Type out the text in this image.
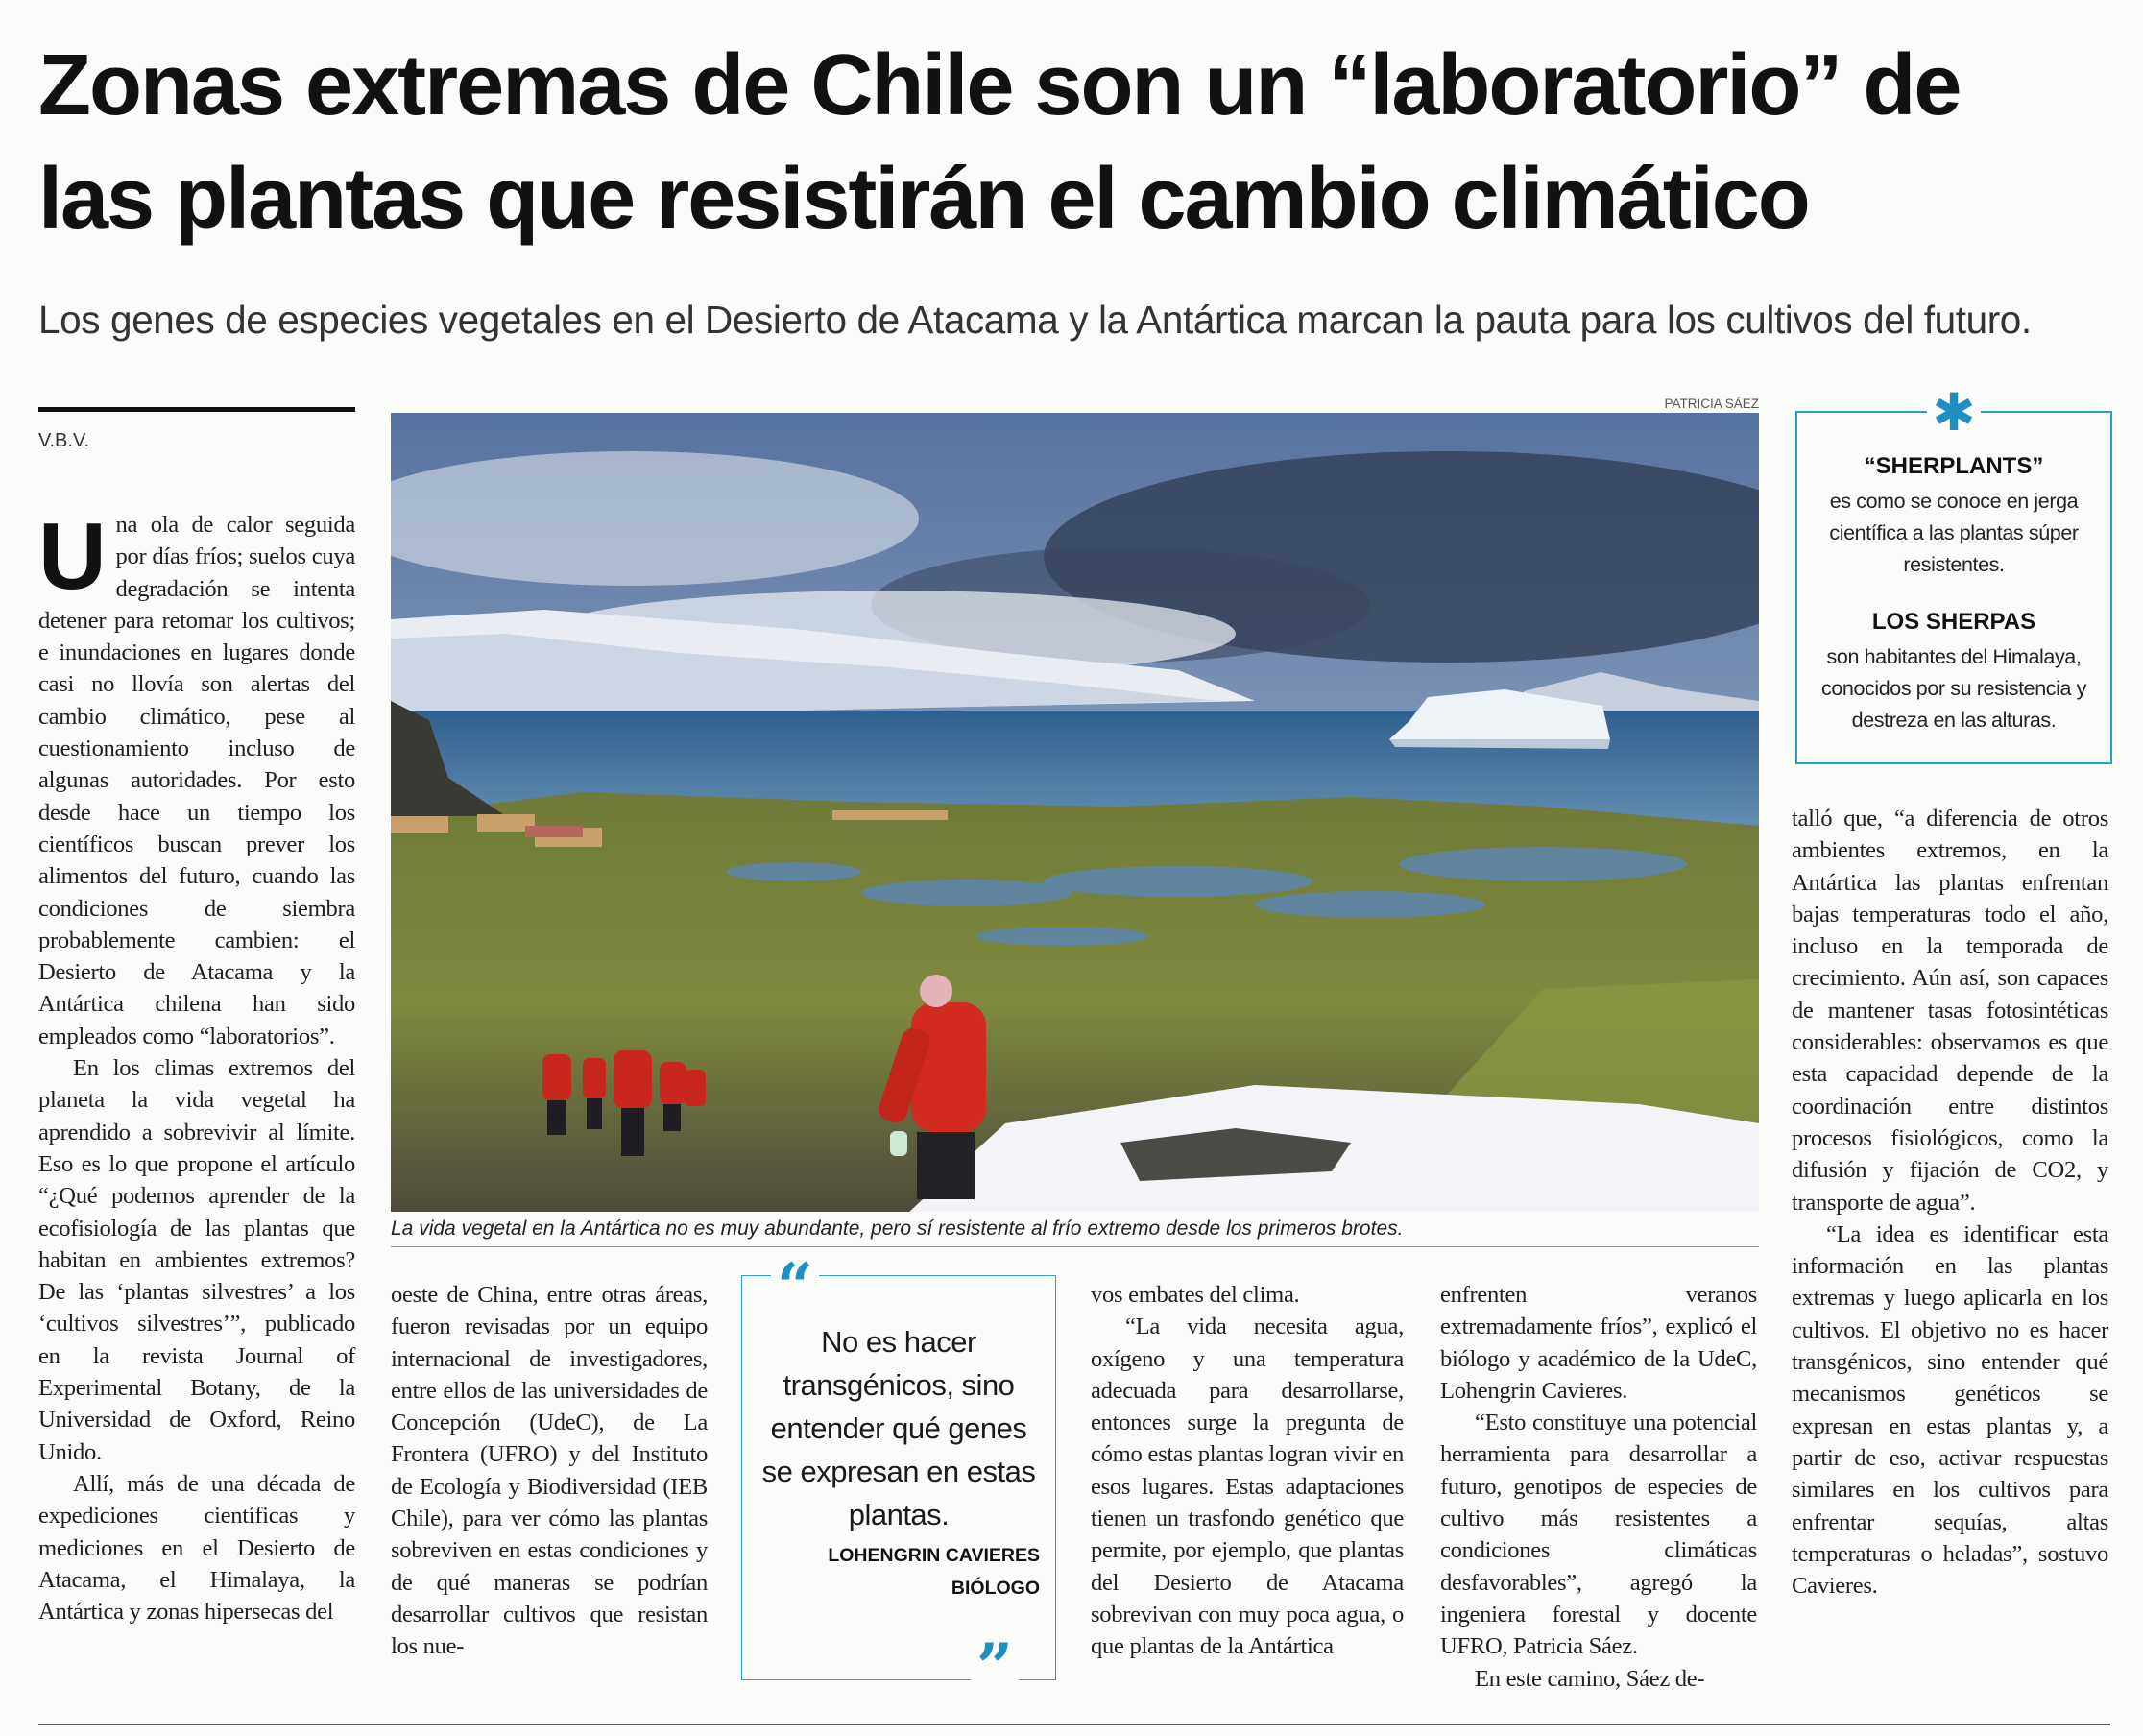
Zonas extremas de Chile son un “laboratorio” de
las plantas que resistirán el cambio climático

Los genes de especies vegetales en el Desierto de Atacama y la Antártica marcan la pauta para los cultivos del futuro.

V.B.V.
U na ola de calor seguida por días fríos; suelos cuya degradación se intenta detener para retomar los cultivos; e inundaciones en lugares donde casi no llovía son alertas del cambio climático, pese al cuestionamiento incluso de algunas autoridades. Por esto desde hace un tiempo los científicos buscan prever los alimentos del futuro, cuando las condiciones de siembra probablemente cambien: el Desierto de Atacama y la Antártica chilena han sido empleados como “laboratorios”.

En los climas extremos del planeta la vida vegetal ha aprendido a sobrevivir al límite. Eso es lo que propone el artículo “¿Qué podemos aprender de la ecofisiología de las plantas que habitan en ambientes extremos? De las ‘plantas silvestres’ a los ‘cultivos silvestres’”, publicado en la revista Journal of Experimental Botany, de la Universidad de Oxford, Reino Unido.

Allí, más de una década de expediciones científicas y mediciones en el Desierto de Atacama, el Himalaya, la Antártica y zonas hipersecas del

PATRICIA SÁEZ
La vida vegetal en la Antártica no es muy abundante, pero sí resistente al frío extremo desde los primeros brotes.
✱
“SHERPLANTS”
es como se conoce en jerga científica a las plantas súper resistentes.
LOS SHERPAS
son habitantes del Himalaya, conocidos por su resistencia y destreza en las alturas.
“
No es hacer transgénicos, sino entender qué genes se expresan en estas plantas.
LOHENGRIN CAVIERES
BIÓLOGO
”

oeste de China, entre otras áreas, fueron revisadas por un equipo internacional de investigadores, entre ellos de las universidades de Concepción (UdeC), de La Frontera (UFRO) y del Instituto de Ecología y Biodiversidad (IEB Chile), para ver cómo las plantas sobreviven en estas condiciones y de qué maneras se podrían desarrollar cultivos que resistan los nue-

vos embates del clima.

“La vida necesita agua, oxígeno y una temperatura adecuada para desarrollarse, entonces surge la pregunta de cómo estas plantas logran vivir en esos lugares. Estas adaptaciones tienen un trasfondo genético que permite, por ejemplo, que plantas del Desierto de Atacama sobrevivan con muy poca agua, o que plantas de la Antártica

enfrenten veranos extremadamente fríos”, explicó el biólogo y académico de la UdeC, Lohengrin Cavieres.

“Esto constituye una potencial herramienta para desarrollar a futuro, genotipos de especies de cultivo más resistentes a condiciones climáticas desfavorables”, agregó la ingeniera forestal y docente UFRO, Patricia Sáez.

En este camino, Sáez de-

talló que, “a diferencia de otros ambientes extremos, en la Antártica las plantas enfrentan bajas temperaturas todo el año, incluso en la temporada de crecimiento. Aún así, son capaces de mantener tasas fotosintéticas considerables: observamos es que esta capacidad depende de la coordinación entre distintos procesos fisiológicos, como la difusión y fijación de CO2, y transporte de agua”.

“La idea es identificar esta información en las plantas extremas y luego aplicarla en los cultivos. El objetivo no es hacer transgénicos, sino entender qué mecanismos genéticos se expresan en estas plantas y, a partir de eso, activar respuestas similares en los cultivos para enfrentar sequías, altas temperaturas o heladas”, sostuvo Cavieres.
